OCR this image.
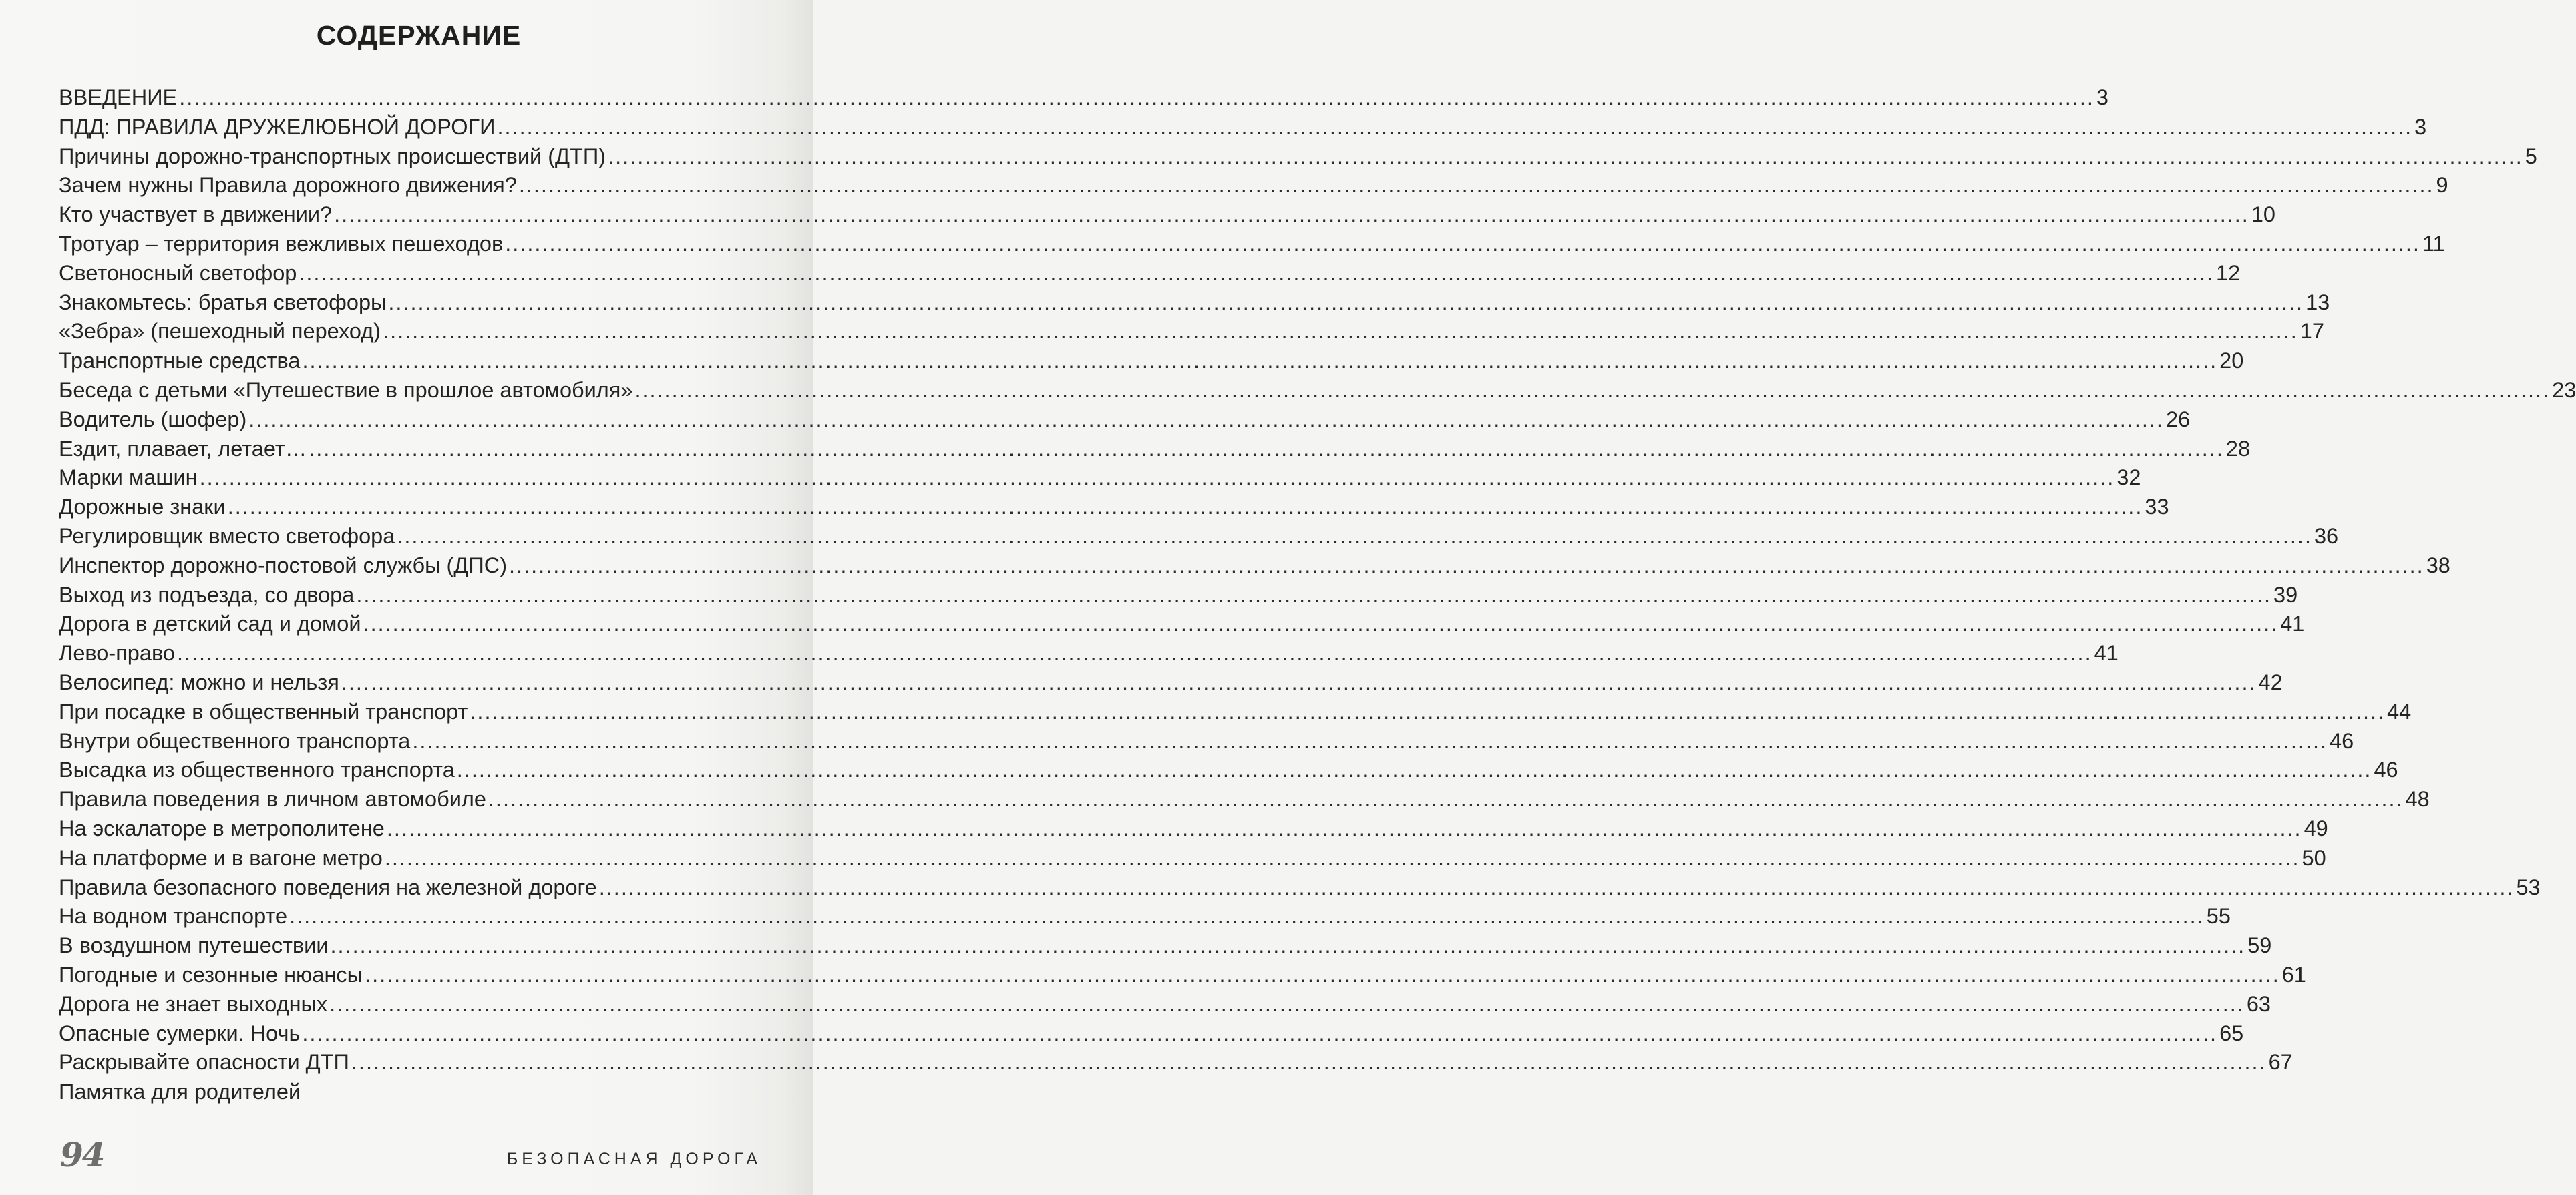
СОДЕРЖАНИЕ
ВВЕДЕНИЕ .................................................................................................................................................................................................................................................................... 3
ПДД: ПРАВИЛА ДРУЖЕЛЮБНОЙ ДОРОГИ .................................................................................................................................................................................................................................................................... 3
Причины дорожно-транспортных происшествий (ДТП) .................................................................................................................................................................................................................................................................... 5
Зачем нужны Правила дорожного движения? .................................................................................................................................................................................................................................................................... 9
Кто участвует в движении? .................................................................................................................................................................................................................................................................... 10
Тротуар – территория вежливых пешеходов .................................................................................................................................................................................................................................................................... 11
Светоносный светофор .................................................................................................................................................................................................................................................................... 12
Знакомьтесь: братья светофоры .................................................................................................................................................................................................................................................................... 13
«Зебра» (пешеходный переход) .................................................................................................................................................................................................................................................................... 17
Транспортные средства .................................................................................................................................................................................................................................................................... 20
Беседа с детьми «Путешествие в прошлое автомобиля» .................................................................................................................................................................................................................................................................... 23
Водитель (шофер) .................................................................................................................................................................................................................................................................... 26
Ездит, плавает, летает… .................................................................................................................................................................................................................................................................... 28
Марки машин .................................................................................................................................................................................................................................................................... 32
Дорожные знаки .................................................................................................................................................................................................................................................................... 33
Регулировщик вместо светофора .................................................................................................................................................................................................................................................................... 36
Инспектор дорожно-постовой службы (ДПС) .................................................................................................................................................................................................................................................................... 38
Выход из подъезда, со двора .................................................................................................................................................................................................................................................................... 39
Дорога в детский сад и домой .................................................................................................................................................................................................................................................................... 41
Лево-право .................................................................................................................................................................................................................................................................... 41
Велосипед: можно и нельзя .................................................................................................................................................................................................................................................................... 42
При посадке в общественный транспорт .................................................................................................................................................................................................................................................................... 44
Внутри общественного транспорта .................................................................................................................................................................................................................................................................... 46
Высадка из общественного транспорта .................................................................................................................................................................................................................................................................... 46
Правила поведения в личном автомобиле .................................................................................................................................................................................................................................................................... 48
На эскалаторе в метрополитене .................................................................................................................................................................................................................................................................... 49
На платформе и в вагоне метро .................................................................................................................................................................................................................................................................... 50
Правила безопасного поведения на железной дороге .................................................................................................................................................................................................................................................................... 53
На водном транспорте .................................................................................................................................................................................................................................................................... 55
В воздушном путешествии .................................................................................................................................................................................................................................................................... 59
Погодные и сезонные нюансы .................................................................................................................................................................................................................................................................... 61
Дорога не знает выходных .................................................................................................................................................................................................................................................................... 63
Опасные сумерки. Ночь .................................................................................................................................................................................................................................................................... 65
Раскрывайте опасности ДТП .................................................................................................................................................................................................................................................................... 67
Памятка для родителей
94	БЕЗОПАСНАЯ ДОРОГА
